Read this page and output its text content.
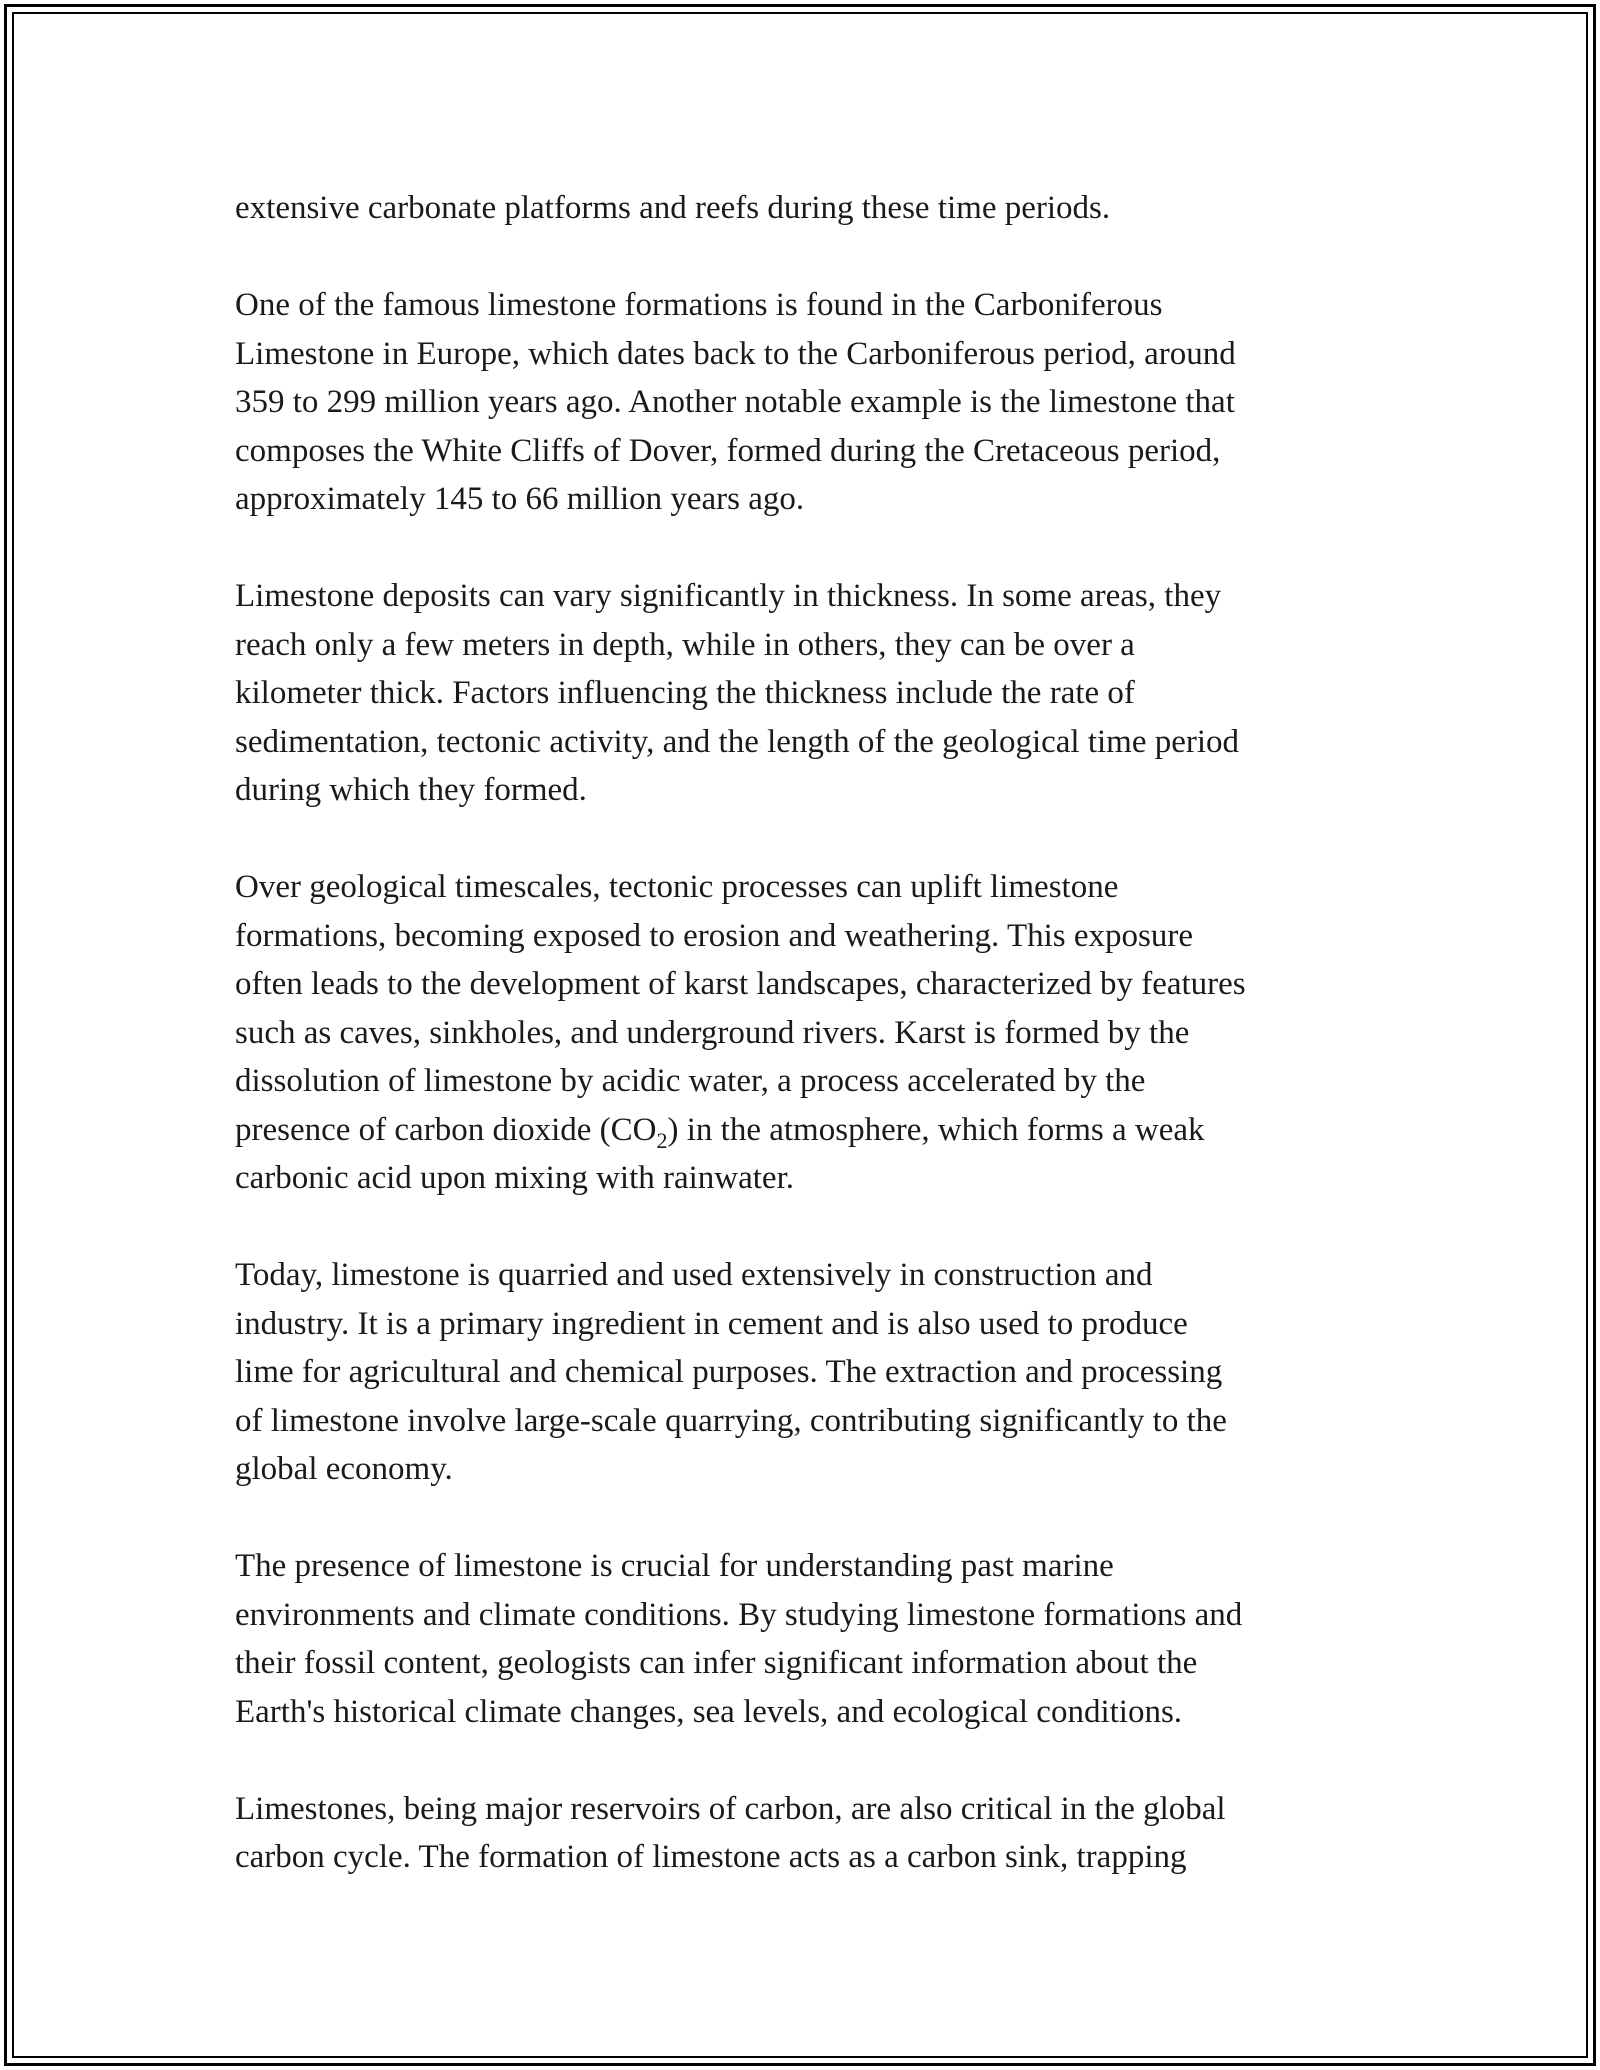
extensive carbonate platforms and reefs during these time periods.

One of the famous limestone formations is found in the Carboniferous
Limestone in Europe, which dates back to the Carboniferous period, around
359 to 299 million years ago. Another notable example is the limestone that
composes the White Cliffs of Dover, formed during the Cretaceous period,
approximately 145 to 66 million years ago.

Limestone deposits can vary significantly in thickness. In some areas, they
reach only a few meters in depth, while in others, they can be over a
kilometer thick. Factors influencing the thickness include the rate of
sedimentation, tectonic activity, and the length of the geological time period
during which they formed.

Over geological timescales, tectonic processes can uplift limestone
formations, becoming exposed to erosion and weathering. This exposure
often leads to the development of karst landscapes, characterized by features
such as caves, sinkholes, and underground rivers. Karst is formed by the
dissolution of limestone by acidic water, a process accelerated by the
presence of carbon dioxide $(CO_2)$ in the atmosphere, which forms a weak
carbonic acid upon mixing with rainwater.

Today, limestone is quarried and used extensively in construction and
industry. It is a primary ingredient in cement and is also used to produce
lime for agricultural and chemical purposes. The extraction and processing
of limestone involve large-scale quarrying, contributing significantly to the
global economy.

The presence of limestone is crucial for understanding past marine
environments and climate conditions. By studying limestone formations and
their fossil content, geologists can infer significant information about the
Earth's historical climate changes, sea levels, and ecological conditions.

Limestones, being major reservoirs of carbon, are also critical in the global
carbon cycle. The formation of limestone acts as a carbon sink, trapping
